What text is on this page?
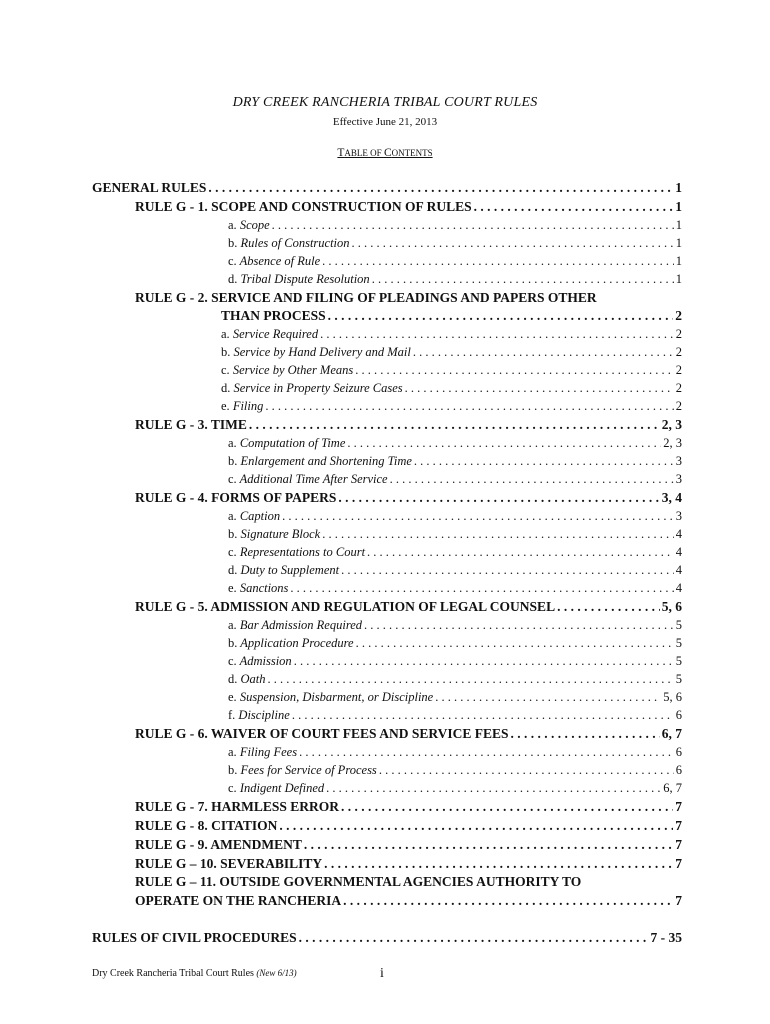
DRY CREEK RANCHERIA TRIBAL COURT RULES
Effective June 21, 2013
TABLE OF CONTENTS
GENERAL RULES . . .	1
RULE G - 1. SCOPE AND CONSTRUCTION OF RULES . . .	1
a. Scope . . .	1
b. Rules of Construction . . .	1
c. Absence of Rule . . .	1
d. Tribal Dispute Resolution . . .	1
RULE G - 2. SERVICE AND FILING OF PLEADINGS AND PAPERS OTHER
THAN PROCESS . . .	2
a. Service Required . . .	2
b. Service by Hand Delivery and Mail . . .	2
c. Service by Other Means . . .	2
d. Service in Property Seizure Cases . . .	2
e. Filing . . .	2
RULE G - 3. TIME . . .	2, 3
a. Computation of Time . . .	2, 3
b. Enlargement and Shortening Time . . .	3
c. Additional Time After Service . . .	3
RULE G - 4. FORMS OF PAPERS . . .	3, 4
a. Caption . . .	3
b. Signature Block . . .	4
c. Representations to Court . . .	4
d. Duty to Supplement . . .	4
e. Sanctions . . .	4
RULE G - 5. ADMISSION AND REGULATION OF LEGAL COUNSEL . . .	5, 6
a. Bar Admission Required . . .	5
b. Application Procedure . . .	5
c. Admission . . .	5
d. Oath . . .	5
e. Suspension, Disbarment, or Discipline . . .	5, 6
f. Discipline . . .	6
RULE G - 6. WAIVER OF COURT FEES AND SERVICE FEES . . .	6, 7
a. Filing Fees . . .	6
b. Fees for Service of Process . . .	6
c. Indigent Defined . . .	6, 7
RULE G - 7. HARMLESS ERROR . . .	7
RULE G - 8. CITATION . . .	7
RULE G - 9. AMENDMENT . . .	7
RULE G – 10. SEVERABILITY . . .	7
RULE G – 11. OUTSIDE GOVERNMENTAL AGENCIES AUTHORITY TO
OPERATE ON THE RANCHERIA . . .	7
RULES OF CIVIL PROCEDURES . . .	7 - 35
Dry Creek Rancheria Tribal Court Rules (New 6/13)	i
